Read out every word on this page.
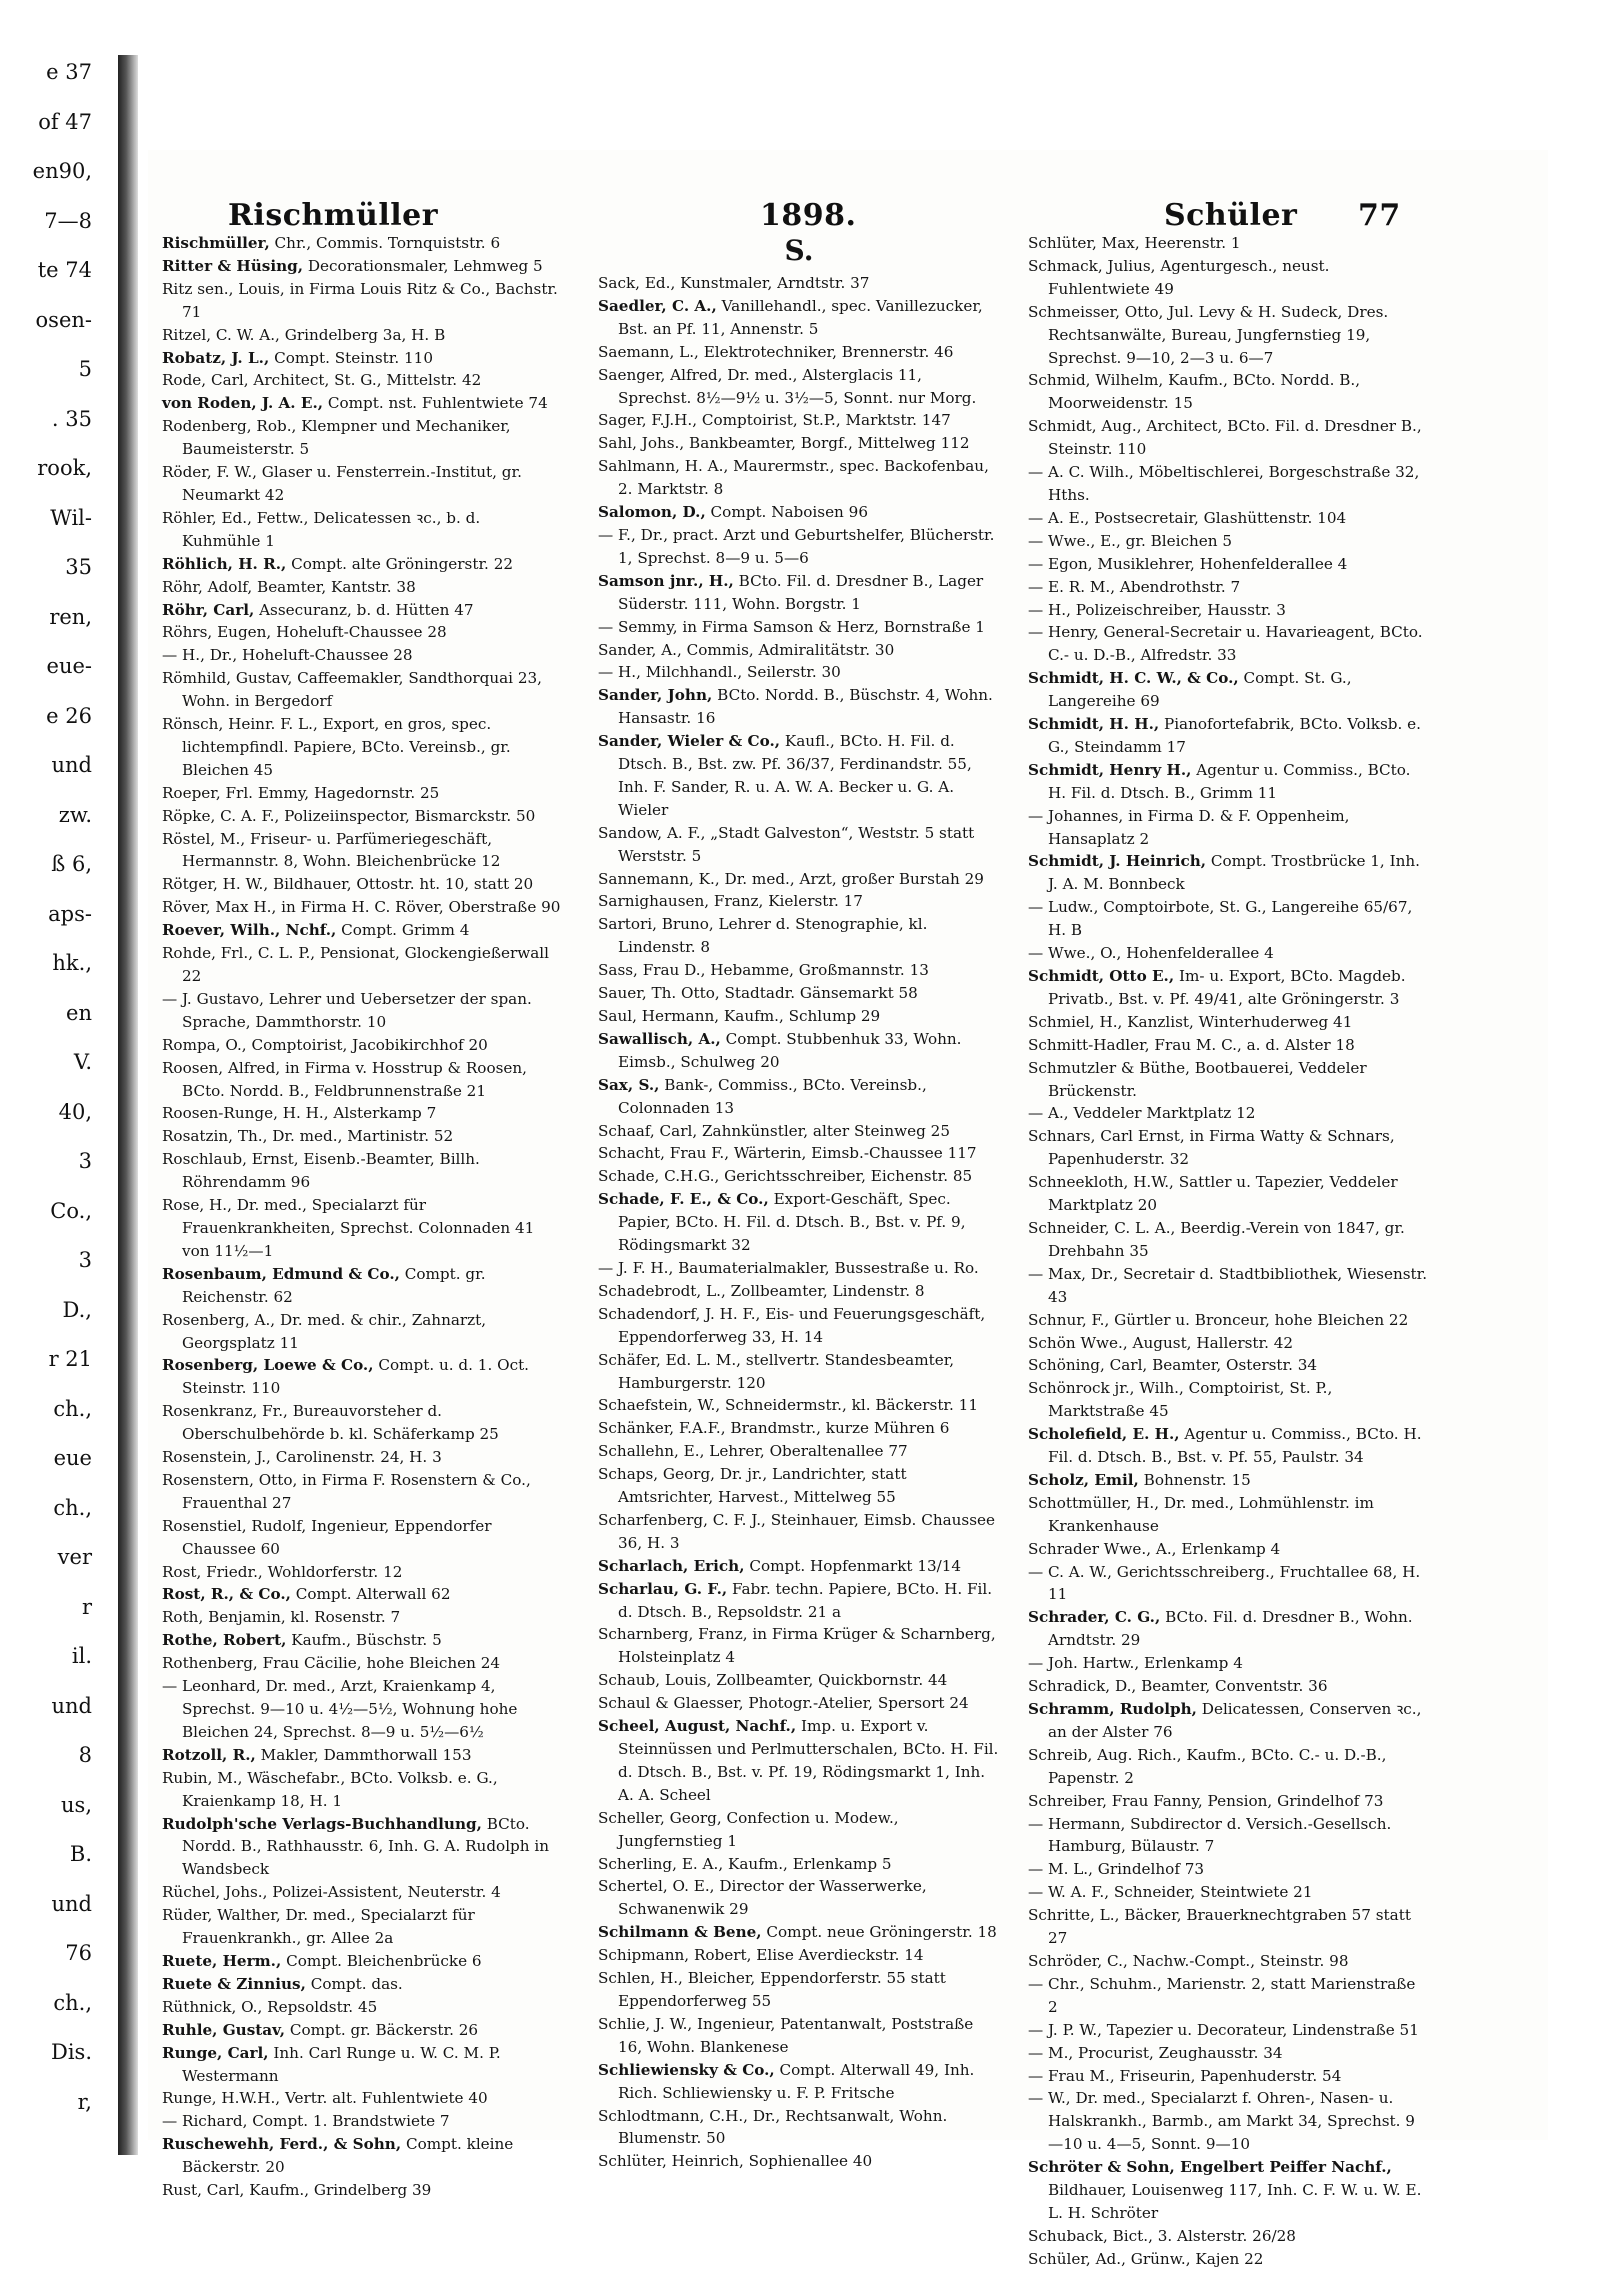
e 37
of 47
en90,
7—8
te 74
osen-
5
. 35
rook,
Wil-
35
ren,
eue-
e 26
und
zw.
ß 6,
aps-
hk.,
en
V.
40,
3
Co.,
3
D.,
r 21
ch.,
eue
ch.,
ver
r
il.
und
8
us,
B.
und
76
ch.,
Dis.
r,
Rischmüller	1898.	Schüler 77

Rischmüller, Chr., Commis. Tornquiststr. 6

Ritter & Hüsing, Decorationsmaler, Lehmweg 5

Ritz sen., Louis, in Firma Louis Ritz & Co., Bachstr. 71

Ritzel, C. W. A., Grindelberg 3a, H. B

Robatz, J. L., Compt. Steinstr. 110

Rode, Carl, Architect, St. G., Mittelstr. 42

von Roden, J. A. E., Compt. nst. Fuhlentwiete 74

Rodenberg, Rob., Klempner und Mechaniker, Baumeisterstr. 5

Röder, F. W., Glaser u. Fensterrein.-Institut, gr. Neumarkt 42

Röhler, Ed., Fettw., Delicatessen ꝛc., b. d. Kuhmühle 1

Röhlich, H. R., Compt. alte Gröningerstr. 22

Röhr, Adolf, Beamter, Kantstr. 38

Röhr, Carl, Assecuranz, b. d. Hütten 47

Röhrs, Eugen, Hoheluft-Chaussee 28

— H., Dr., Hoheluft-Chaussee 28

Römhild, Gustav, Caffeemakler, Sandthorquai 23, Wohn. in Bergedorf

Rönsch, Heinr. F. L., Export, en gros, spec. lichtempfindl. Papiere, BCto. Vereinsb., gr. Bleichen 45

Roeper, Frl. Emmy, Hagedornstr. 25

Röpke, C. A. F., Polizeiinspector, Bismarckstr. 50

Röstel, M., Friseur- u. Parfümeriegeschäft, Hermannstr. 8, Wohn. Bleichenbrücke 12

Rötger, H. W., Bildhauer, Ottostr. ht. 10, statt 20

Röver, Max H., in Firma H. C. Röver, Oberstraße 90

Roever, Wilh., Nchf., Compt. Grimm 4

Rohde, Frl., C. L. P., Pensionat, Glockengießerwall 22

— J. Gustavo, Lehrer und Uebersetzer der span. Sprache, Dammthorstr. 10

Rompa, O., Comptoirist, Jacobikirchhof 20

Roosen, Alfred, in Firma v. Hosstrup & Roosen, BCto. Nordd. B., Feldbrunnenstraße 21

Roosen-Runge, H. H., Alsterkamp 7

Rosatzin, Th., Dr. med., Martinistr. 52

Roschlaub, Ernst, Eisenb.-Beamter, Billh. Röhrendamm 96

Rose, H., Dr. med., Specialarzt für Frauenkrankheiten, Sprechst. Colonnaden 41 von 11½—1

Rosenbaum, Edmund & Co., Compt. gr. Reichenstr. 62

Rosenberg, A., Dr. med. & chir., Zahnarzt, Georgsplatz 11

Rosenberg, Loewe & Co., Compt. u. d. 1. Oct. Steinstr. 110

Rosenkranz, Fr., Bureauvorsteher d. Oberschulbehörde b. kl. Schäferkamp 25

Rosenstein, J., Carolinenstr. 24, H. 3

Rosenstern, Otto, in Firma F. Rosenstern & Co., Frauenthal 27

Rosenstiel, Rudolf, Ingenieur, Eppendorfer Chaussee 60

Rost, Friedr., Wohldorferstr. 12

Rost, R., & Co., Compt. Alterwall 62

Roth, Benjamin, kl. Rosenstr. 7

Rothe, Robert, Kaufm., Büschstr. 5

Rothenberg, Frau Cäcilie, hohe Bleichen 24

— Leonhard, Dr. med., Arzt, Kraienkamp 4, Sprechst. 9—10 u. 4½—5½, Wohnung hohe Bleichen 24, Sprechst. 8—9 u. 5½—6½

Rotzoll, R., Makler, Dammthorwall 153

Rubin, M., Wäschefabr., BCto. Volksb. e. G., Kraienkamp 18, H. 1

Rudolph'sche Verlags-Buchhandlung, BCto. Nordd. B., Rathhausstr. 6, Inh. G. A. Rudolph in Wandsbeck

Rüchel, Johs., Polizei-Assistent, Neuterstr. 4

Rüder, Walther, Dr. med., Specialarzt für Frauenkrankh., gr. Allee 2a

Ruete, Herm., Compt. Bleichenbrücke 6

Ruete & Zinnius, Compt. das.

Rüthnick, O., Repsoldstr. 45

Ruhle, Gustav, Compt. gr. Bäckerstr. 26

Runge, Carl, Inh. Carl Runge u. W. C. M. P. Westermann

Runge, H.W.H., Vertr. alt. Fuhlentwiete 40

— Richard, Compt. 1. Brandstwiete 7

Ruschewehh, Ferd., & Sohn, Compt. kleine Bäckerstr. 20

Rust, Carl, Kaufm., Grindelberg 39

S.

Sack, Ed., Kunstmaler, Arndtstr. 37

Saedler, C. A., Vanillehandl., spec. Vanillezucker, Bst. an Pf. 11, Annenstr. 5

Saemann, L., Elektrotechniker, Brennerstr. 46

Saenger, Alfred, Dr. med., Alsterglacis 11, Sprechst. 8½—9½ u. 3½—5, Sonnt. nur Morg.

Sager, F.J.H., Comptoirist, St.P., Marktstr. 147

Sahl, Johs., Bankbeamter, Borgf., Mittelweg 112

Sahlmann, H. A., Maurermstr., spec. Backofenbau, 2. Marktstr. 8

Salomon, D., Compt. Naboisen 96

— F., Dr., pract. Arzt und Geburtshelfer, Blücherstr. 1, Sprechst. 8—9 u. 5—6

Samson jnr., H., BCto. Fil. d. Dresdner B., Lager Süderstr. 111, Wohn. Borgstr. 1

— Semmy, in Firma Samson & Herz, Bornstraße 1

Sander, A., Commis, Admiralitätstr. 30

— H., Milchhandl., Seilerstr. 30

Sander, John, BCto. Nordd. B., Büschstr. 4, Wohn. Hansastr. 16

Sander, Wieler & Co., Kaufl., BCto. H. Fil. d. Dtsch. B., Bst. zw. Pf. 36/37, Ferdinandstr. 55, Inh. F. Sander, R. u. A. W. A. Becker u. G. A. Wieler

Sandow, A. F., „Stadt Galveston“, Weststr. 5 statt Werststr. 5

Sannemann, K., Dr. med., Arzt, großer Burstah 29

Sarnighausen, Franz, Kielerstr. 17

Sartori, Bruno, Lehrer d. Stenographie, kl. Lindenstr. 8

Sass, Frau D., Hebamme, Großmannstr. 13

Sauer, Th. Otto, Stadtadr. Gänsemarkt 58

Saul, Hermann, Kaufm., Schlump 29

Sawallisch, A., Compt. Stubbenhuk 33, Wohn. Eimsb., Schulweg 20

Sax, S., Bank-, Commiss., BCto. Vereinsb., Colonnaden 13

Schaaf, Carl, Zahnkünstler, alter Steinweg 25

Schacht, Frau F., Wärterin, Eimsb.-Chaussee 117

Schade, C.H.G., Gerichtsschreiber, Eichenstr. 85

Schade, F. E., & Co., Export-Geschäft, Spec. Papier, BCto. H. Fil. d. Dtsch. B., Bst. v. Pf. 9, Rödingsmarkt 32

— J. F. H., Baumaterialmakler, Bussestraße u. Ro.

Schadebrodt, L., Zollbeamter, Lindenstr. 8

Schadendorf, J. H. F., Eis- und Feuerungsgeschäft, Eppendorferweg 33, H. 14

Schäfer, Ed. L. M., stellvertr. Standesbeamter, Hamburgerstr. 120

Schaefstein, W., Schneidermstr., kl. Bäckerstr. 11

Schänker, F.A.F., Brandmstr., kurze Mühren 6

Schallehn, E., Lehrer, Oberaltenallee 77

Schaps, Georg, Dr. jr., Landrichter, statt Amtsrichter, Harvest., Mittelweg 55

Scharfenberg, C. F. J., Steinhauer, Eimsb. Chaussee 36, H. 3

Scharlach, Erich, Compt. Hopfenmarkt 13/14

Scharlau, G. F., Fabr. techn. Papiere, BCto. H. Fil. d. Dtsch. B., Repsoldstr. 21 a

Scharnberg, Franz, in Firma Krüger & Scharnberg, Holsteinplatz 4

Schaub, Louis, Zollbeamter, Quickbornstr. 44

Schaul & Glaesser, Photogr.-Atelier, Spersort 24

Scheel, August, Nachf., Imp. u. Export v. Steinnüssen und Perlmutterschalen, BCto. H. Fil. d. Dtsch. B., Bst. v. Pf. 19, Rödingsmarkt 1, Inh. A. A. Scheel

Scheller, Georg, Confection u. Modew., Jungfernstieg 1

Scherling, E. A., Kaufm., Erlenkamp 5

Schertel, O. E., Director der Wasserwerke, Schwanenwik 29

Schilmann & Bene, Compt. neue Gröningerstr. 18

Schipmann, Robert, Elise Averdieckstr. 14

Schlen, H., Bleicher, Eppendorferstr. 55 statt Eppendorferweg 55

Schlie, J. W., Ingenieur, Patentanwalt, Poststraße 16, Wohn. Blankenese

Schliewiensky & Co., Compt. Alterwall 49, Inh. Rich. Schliewiensky u. F. P. Fritsche

Schlodtmann, C.H., Dr., Rechtsanwalt, Wohn. Blumenstr. 50

Schlüter, Heinrich, Sophienallee 40

Schlüter, Max, Heerenstr. 1

Schmack, Julius, Agenturgesch., neust. Fuhlentwiete 49

Schmeisser, Otto, Jul. Levy & H. Sudeck, Dres. Rechtsanwälte, Bureau, Jungfernstieg 19, Sprechst. 9—10, 2—3 u. 6—7

Schmid, Wilhelm, Kaufm., BCto. Nordd. B., Moorweidenstr. 15

Schmidt, Aug., Architect, BCto. Fil. d. Dresdner B., Steinstr. 110

— A. C. Wilh., Möbeltischlerei, Borgeschstraße 32, Hths.

— A. E., Postsecretair, Glashüttenstr. 104

— Wwe., E., gr. Bleichen 5

— Egon, Musiklehrer, Hohenfelderallee 4

— E. R. M., Abendrothstr. 7

— H., Polizeischreiber, Hausstr. 3

— Henry, General-Secretair u. Havarieagent, BCto. C.- u. D.-B., Alfredstr. 33

Schmidt, H. C. W., & Co., Compt. St. G., Langereihe 69

Schmidt, H. H., Pianofortefabrik, BCto. Volksb. e. G., Steindamm 17

Schmidt, Henry H., Agentur u. Commiss., BCto. H. Fil. d. Dtsch. B., Grimm 11

— Johannes, in Firma D. & F. Oppenheim, Hansaplatz 2

Schmidt, J. Heinrich, Compt. Trostbrücke 1, Inh. J. A. M. Bonnbeck

— Ludw., Comptoirbote, St. G., Langereihe 65/67, H. B

— Wwe., O., Hohenfelderallee 4

Schmidt, Otto E., Im- u. Export, BCto. Magdeb. Privatb., Bst. v. Pf. 49/41, alte Gröningerstr. 3

Schmiel, H., Kanzlist, Winterhuderweg 41

Schmitt-Hadler, Frau M. C., a. d. Alster 18

Schmutzler & Büthe, Bootbauerei, Veddeler Brückenstr.

— A., Veddeler Marktplatz 12

Schnars, Carl Ernst, in Firma Watty & Schnars, Papenhuderstr. 32

Schneekloth, H.W., Sattler u. Tapezier, Veddeler Marktplatz 20

Schneider, C. L. A., Beerdig.-Verein von 1847, gr. Drehbahn 35

— Max, Dr., Secretair d. Stadtbibliothek, Wiesenstr. 43

Schnur, F., Gürtler u. Bronceur, hohe Bleichen 22

Schön Wwe., August, Hallerstr. 42

Schöning, Carl, Beamter, Osterstr. 34

Schönrock jr., Wilh., Comptoirist, St. P., Marktstraße 45

Scholefield, E. H., Agentur u. Commiss., BCto. H. Fil. d. Dtsch. B., Bst. v. Pf. 55, Paulstr. 34

Scholz, Emil, Bohnenstr. 15

Schottmüller, H., Dr. med., Lohmühlenstr. im Krankenhause

Schrader Wwe., A., Erlenkamp 4

— C. A. W., Gerichtsschreiberg., Fruchtallee 68, H. 11

Schrader, C. G., BCto. Fil. d. Dresdner B., Wohn. Arndtstr. 29

— Joh. Hartw., Erlenkamp 4

Schradick, D., Beamter, Conventstr. 36

Schramm, Rudolph, Delicatessen, Conserven ꝛc., an der Alster 76

Schreib, Aug. Rich., Kaufm., BCto. C.- u. D.-B., Papenstr. 2

Schreiber, Frau Fanny, Pension, Grindelhof 73

— Hermann, Subdirector d. Versich.-Gesellsch. Hamburg, Bülaustr. 7

— M. L., Grindelhof 73

— W. A. F., Schneider, Steintwiete 21

Schritte, L., Bäcker, Brauerknechtgraben 57 statt 27

Schröder, C., Nachw.-Compt., Steinstr. 98

— Chr., Schuhm., Marienstr. 2, statt Marienstraße 2

— J. P. W., Tapezier u. Decorateur, Lindenstraße 51

— M., Procurist, Zeughausstr. 34

— Frau M., Friseurin, Papenhuderstr. 54

— W., Dr. med., Specialarzt f. Ohren-, Nasen- u. Halskrankh., Barmb., am Markt 34, Sprechst. 9—10 u. 4—5, Sonnt. 9—10

Schröter & Sohn, Engelbert Peiffer Nachf., Bildhauer, Louisenweg 117, Inh. C. F. W. u. W. E. L. H. Schröter

Schuback, Bict., 3. Alsterstr. 26/28

Schüler, Ad., Grünw., Kajen 22
